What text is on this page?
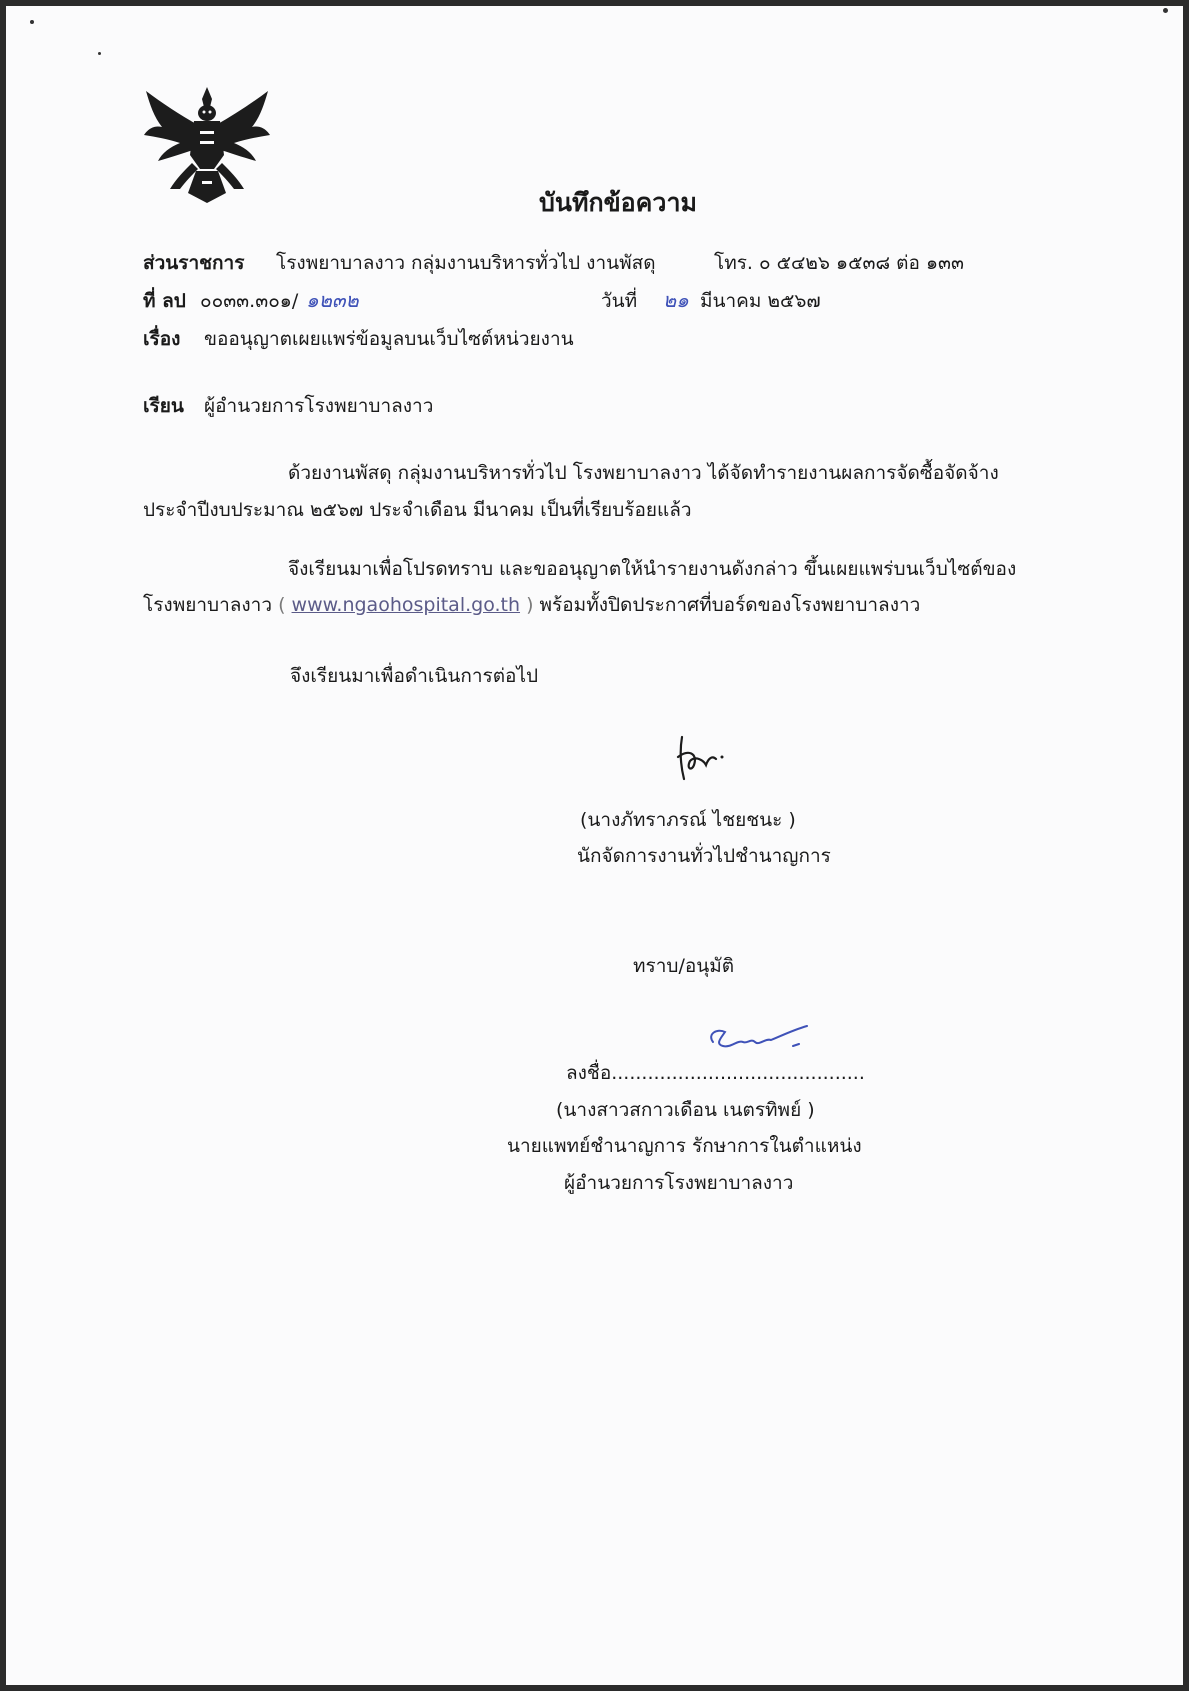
บันทึกข้อความ
ส่วนราชการ โรงพยาบาลงาว กลุ่มงานบริหารทั่วไป งานพัสดุ	โทร. ๐ ๕๔๒๖ ๑๕๓๘ ต่อ ๑๓๓
ที่ ลป ๐๐๓๓.๓๐๑/ ๑๒๓๒	วันที่ ๒๑ มีนาคม ๒๕๖๗
เรื่อง ขออนุญาตเผยแพร่ข้อมูลบนเว็บไซต์หน่วยงาน
เรียน ผู้อำนวยการโรงพยาบาลงาว
ด้วยงานพัสดุ กลุ่มงานบริหารทั่วไป โรงพยาบาลงาว ได้จัดทำรายงานผลการจัดซื้อจัดจ้าง
ประจำปีงบประมาณ ๒๕๖๗ ประจำเดือน มีนาคม เป็นที่เรียบร้อยแล้ว
จึงเรียนมาเพื่อโปรดทราบ และขออนุญาตให้นำรายงานดังกล่าว ขึ้นเผยแพร่บนเว็บไซต์ของ
โรงพยาบาลงาว ( www.ngaohospital.go.th ) พร้อมทั้งปิดประกาศที่บอร์ดของโรงพยาบาลงาว
จึงเรียนมาเพื่อดำเนินการต่อไป
(นางภัทราภรณ์ ไชยชนะ )
นักจัดการงานทั่วไปชำนาญการ
ทราบ/อนุมัติ
ลงชื่อ..........................................
(นางสาวสกาวเดือน เนตรทิพย์ )
นายแพทย์ชำนาญการ รักษาการในตำแหน่ง
ผู้อำนวยการโรงพยาบาลงาว
